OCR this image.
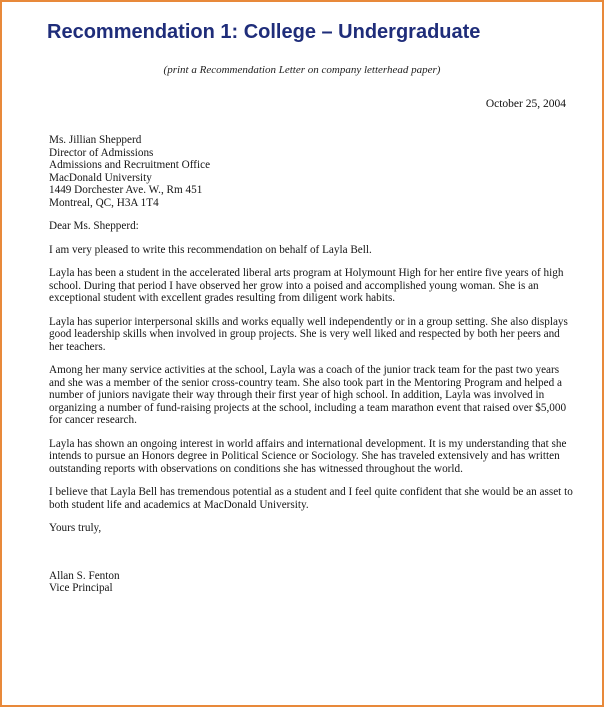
Recommendation 1: College – Undergraduate
(print a Recommendation Letter on company letterhead paper)
October 25, 2004
Ms. Jillian Shepperd
Director of Admissions
Admissions and Recruitment Office
MacDonald University
1449 Dorchester Ave. W., Rm 451
Montreal, QC, H3A 1T4

Dear Ms. Shepperd:

I am very pleased to write this recommendation on behalf of Layla Bell.

Layla has been a student in the accelerated liberal arts program at Holymount High for her entire five years of high school. During that period I have observed her grow into a poised and accomplished young woman. She is an exceptional student with excellent grades resulting from diligent work habits.

Layla has superior interpersonal skills and works equally well independently or in a group setting. She also displays good leadership skills when involved in group projects. She is very well liked and respected by both her peers and her teachers.

Among her many service activities at the school, Layla was a coach of the junior track team for the past two years and she was a member of the senior cross-country team. She also took part in the Mentoring Program and helped a number of juniors navigate their way through their first year of high school. In addition, Layla was involved in organizing a number of fund-raising projects at the school, including a team marathon event that raised over $5,000 for cancer research.

Layla has shown an ongoing interest in world affairs and international development. It is my understanding that she intends to pursue an Honors degree in Political Science or Sociology. She has traveled extensively and has written outstanding reports with observations on conditions she has witnessed throughout the world.

I believe that Layla Bell has tremendous potential as a student and I feel quite confident that she would be an asset to both student life and academics at MacDonald University.

Yours truly,

Allan S. Fenton
Vice Principal
